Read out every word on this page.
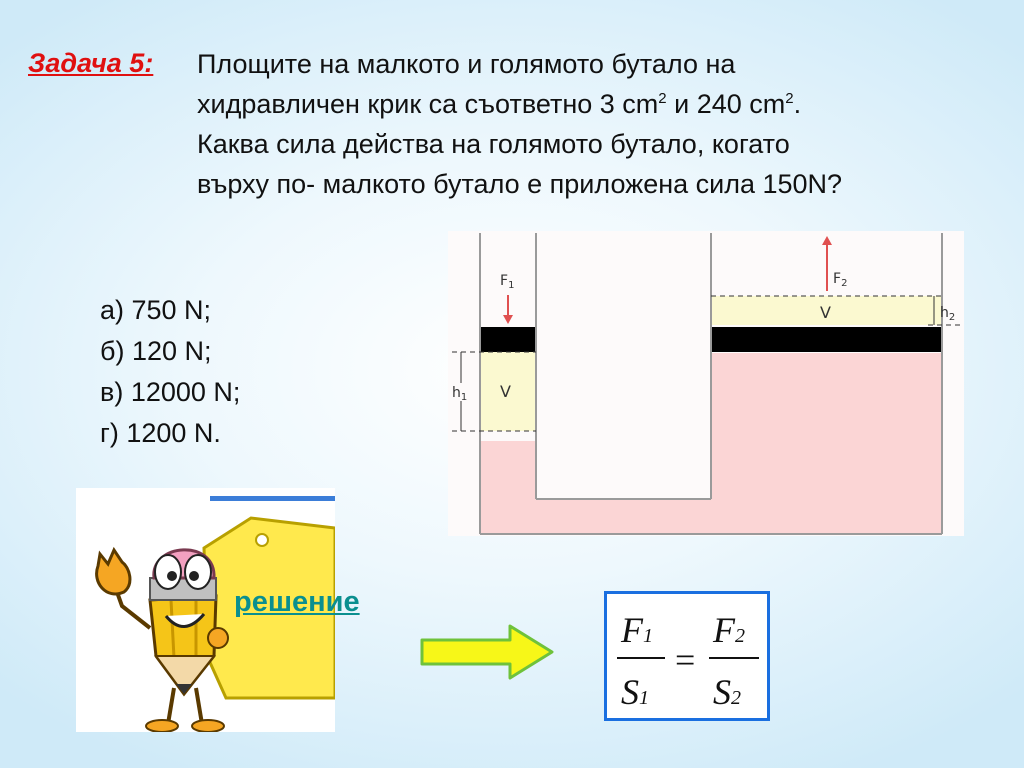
Задача 5: Площите на малкото и голямото бутало на
хидравличен крик са съответно 3 $cm^2$ и 240 $cm^2$.
Каква сила действа на голямото бутало, когато
върху по- малкото бутало е приложена сила 150N?
а) 750 N;
б) 120 N;
в) 12000 N;
г) 1200 N.
$h_1$
$h_2$
V
V
$F_1$	$F_2$
решение
F1
S1
=
F2
S2
